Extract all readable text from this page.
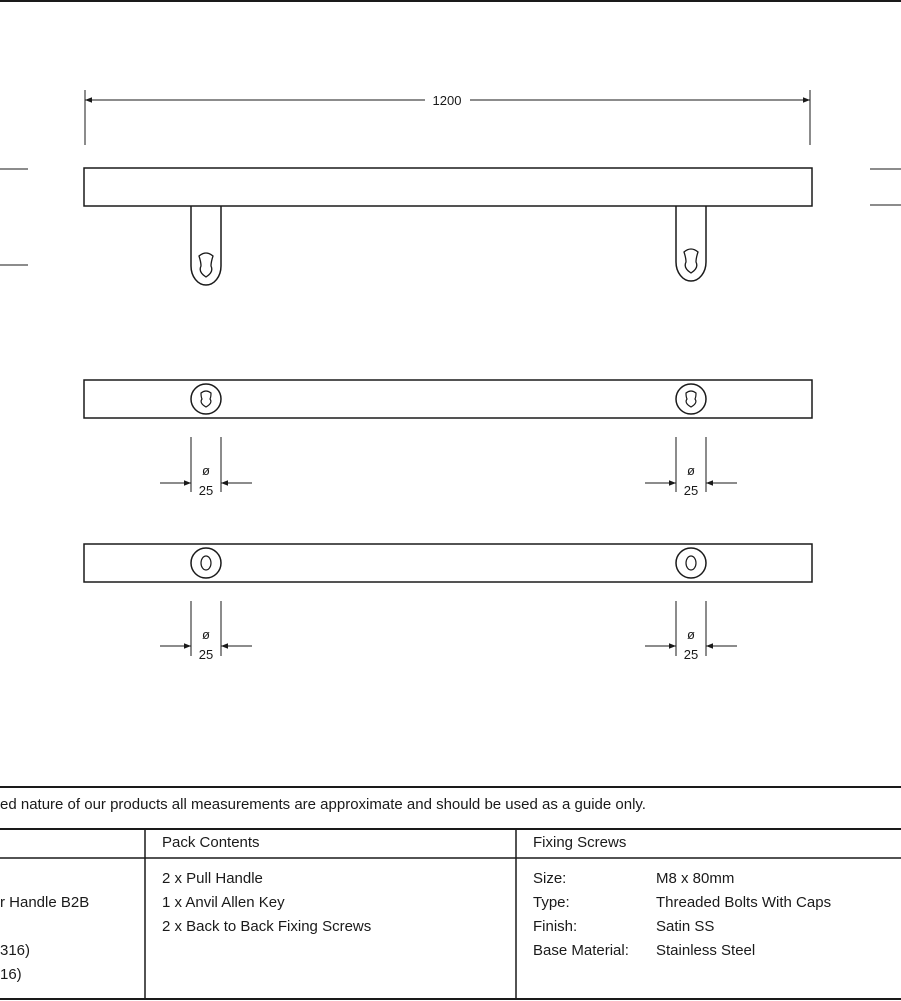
1200
ø
25
ø
25
ø
25
ø
25
ed nature of our products all measurements are approximate and should be used as a guide only.
r Handle B2B
316)
16)
Pack Contents
2 x Pull Handle
1 x Anvil Allen Key
2 x Back to Back Fixing Screws
Fixing Screws
Size:	M8 x 80mm
Type:	Threaded Bolts With Caps
Finish:	Satin SS
Base Material: Stainless Steel
